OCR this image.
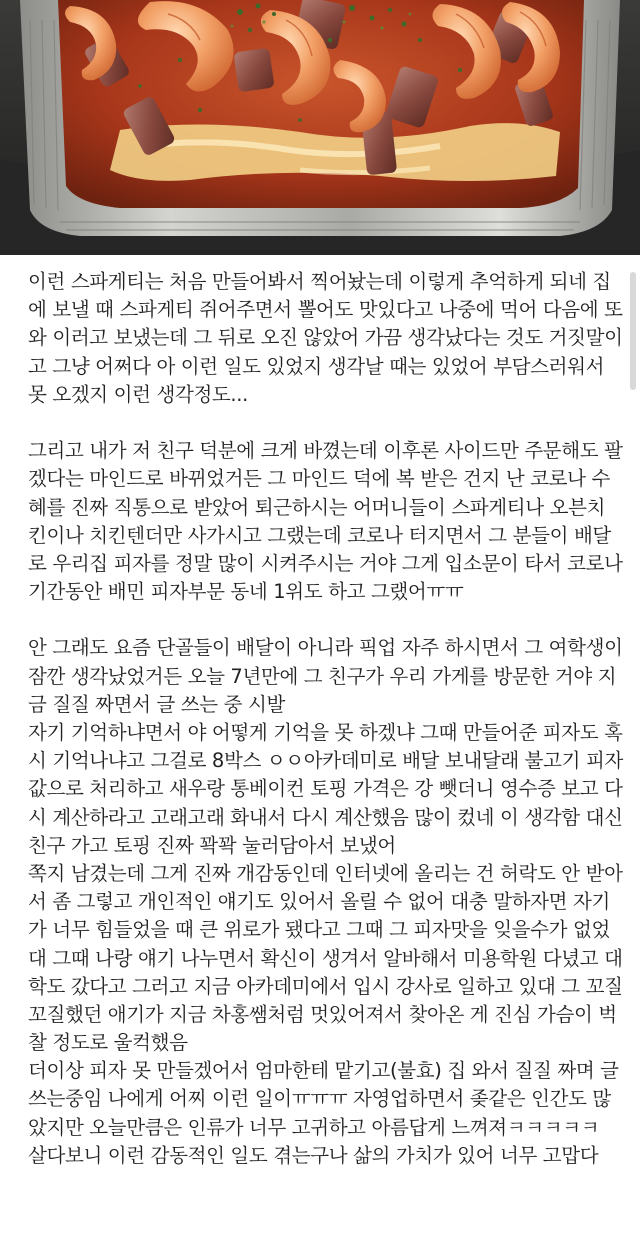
이런 스파게티는 처음 만들어봐서 찍어놨는데 이렇게 추억하게 되네 집
에 보낼 때 스파게티 쥐어주면서 뽈어도 맛있다고 나중에 먹어 다음에 또
와 이러고 보냈는데 그 뒤로 오진 않았어 가끔 생각났다는 것도 거짓말이
고 그냥 어쩌다 아 이런 일도 있었지 생각날 때는 있었어 부담스러워서
못 오겠지 이런 생각정도...
그리고 내가 저 친구 덕분에 크게 바꼈는데 이후론 사이드만 주문해도 팔
겠다는 마인드로 바뀌었거든 그 마인드 덕에 복 받은 건지 난 코로나 수
혜를 진짜 직통으로 받았어 퇴근하시는 어머니들이 스파게티나 오븐치
킨이나 치킨텐더만 사가시고 그랬는데 코로나 터지면서 그 분들이 배달
로 우리집 피자를 정말 많이 시켜주시는 거야 그게 입소문이 타서 코로나
기간동안 배민 피자부문 동네 1위도 하고 그랬어ㅠㅠ
안 그래도 요즘 단골들이 배달이 아니라 픽업 자주 하시면서 그 여학생이
잠깐 생각났었거든 오늘 7년만에 그 친구가 우리 가게를 방문한 거야 지
금 질질 짜면서 글 쓰는 중 시발
자기 기억하냐면서 야 어떻게 기억을 못 하겠냐 그때 만들어준 피자도 혹
시 기억나냐고 그걸로 8박스 ㅇㅇ아카데미로 배달 보내달래 불고기 피자
값으로 처리하고 새우랑 통베이컨 토핑 가격은 강 뺏더니 영수증 보고 다
시 계산하라고 고래고래 화내서 다시 계산했음 많이 컸네 이 생각함 대신
친구 가고 토핑 진짜 꽉꽉 눌러담아서 보냈어
쪽지 남겼는데 그게 진짜 개감동인데 인터넷에 올리는 건 허락도 안 받아
서 좀 그렇고 개인적인 얘기도 있어서 올릴 수 없어 대충 말하자면 자기
가 너무 힘들었을 때 큰 위로가 됐다고 그때 그 피자맛을 잊을수가 없었
대 그때 나랑 얘기 나누면서 확신이 생겨서 알바해서 미용학원 다녔고 대
학도 갔다고 그러고 지금 아카데미에서 입시 강사로 일하고 있대 그 꼬질
꼬질했던 애기가 지금 차홍쌤처럼 멋있어져서 찾아온 게 진심 가슴이 벅
찰 정도로 울컥했음
더이상 피자 못 만들겠어서 엄마한테 맡기고(불효) 집 와서 질질 짜며 글
쓰는중임 나에게 어찌 이런 일이ㅠㅠㅠ 자영업하면서 좆같은 인간도 많
았지만 오늘만큼은 인류가 너무 고귀하고 아름답게 느껴져ㅋㅋㅋㅋㅋ
살다보니 이런 감동적인 일도 겪는구나 삶의 가치가 있어 너무 고맙다
